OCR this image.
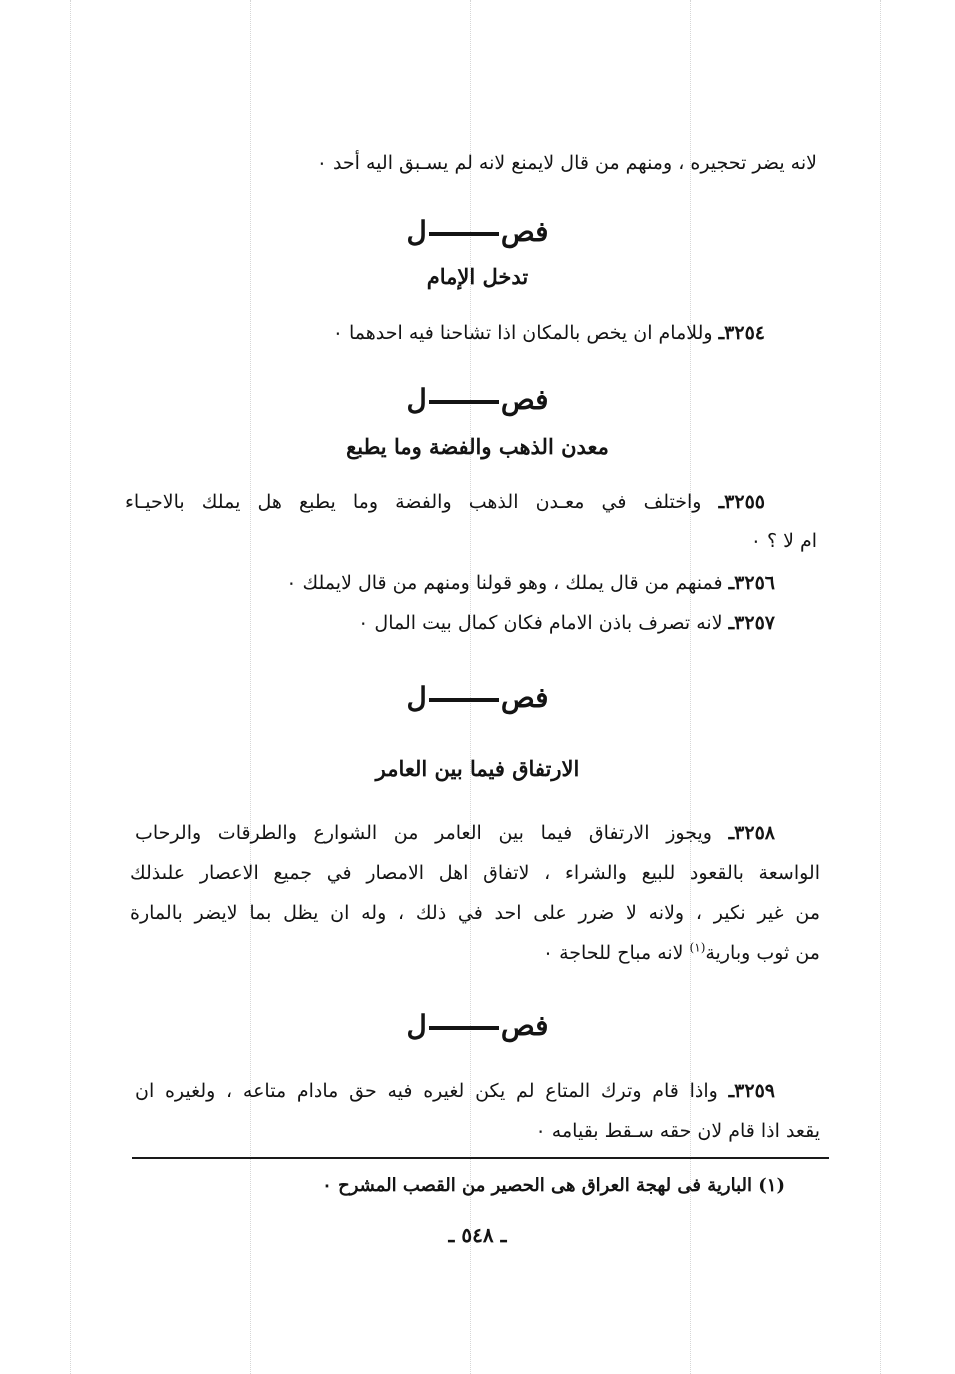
لانه يضر تحجيره ، ومنهم من قال لايمنع لانه لم يسـبق اليه أحد ٠
فصل
تدخل الإمام
٣٢٥٤ـ وللامام ان يخص بالمكان اذا تشاحنا فيه احدهما ٠
فصل
معدن الذهب والفضة وما يطبع
٣٢٥٥ـ واختلف في معـدن الذهب والفضة وما يطبع هل يملك بالاحيـاء
ام لا ؟ ٠
٣٢٥٦ـ فمنهم من قال يملك ، وهو قولنا ومنهم من قال لايملك ٠
٣٢٥٧ـ لانه تصرف باذن الامام فكان كمال بيت المال ٠
فصل
الارتفاق فيما بين العامر
٣٢٥٨ـ ويجوز الارتفاق فيما بين العامر من الشوارع والطرقات والرحاب
الواسعة بالقعود للبيع والشراء ، لاتفاق اهل الامصار في جميع الاعصار علىذلك
من غير نكير ، ولانه لا ضرر على احد في ذلك ، وله ان يظل بما لايضر بالمارة
من ثوب وبارية$^{(١)}$ لانه مباح للحاجة ٠
فصل
٣٢٥٩ـ واذا قام وترك المتاع لم يكن لغيره فيه حق مادام متاعه ، ولغيره ان
يقعد اذا قام لان حقه سـقط بقيامه ٠
(١) البارية فى لهجة العراق هى الحصير من القصب المشرح ٠
ـ ٥٤٨ ـ
